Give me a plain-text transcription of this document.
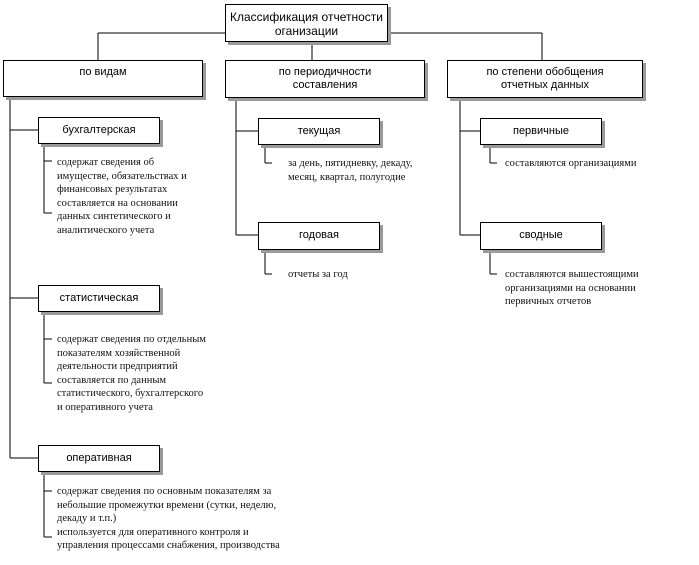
Классификация отчетности
оганизации
по видам	по периодичности
составления
по степени обобщения
отчетных данных
бухгалтерская
содержат сведения об
имуществе, обязательствах и
финансовых результатах
составляется на основании
данных синтетического и
аналитического учета
статистическая
содержат сведения по отдельным
показателям хозяйственной
деятельности предприятий
составляется по данным
статистического, бухгалтерского
и оперативного учета
оперативная
содержат сведения по основным показателям за
небольшие промежутки времени (сутки, неделю,
декаду и т.п.)
используется для оперативного контроля и
управления процессами снабжения, производства
текущая
за день, пятидневку, декаду,
месяц, квартал, полугодие
годовая
отчеты за год
первичные
составляются организациями
сводные
составляются вышестоящими
организациями на основании
первичных отчетов
